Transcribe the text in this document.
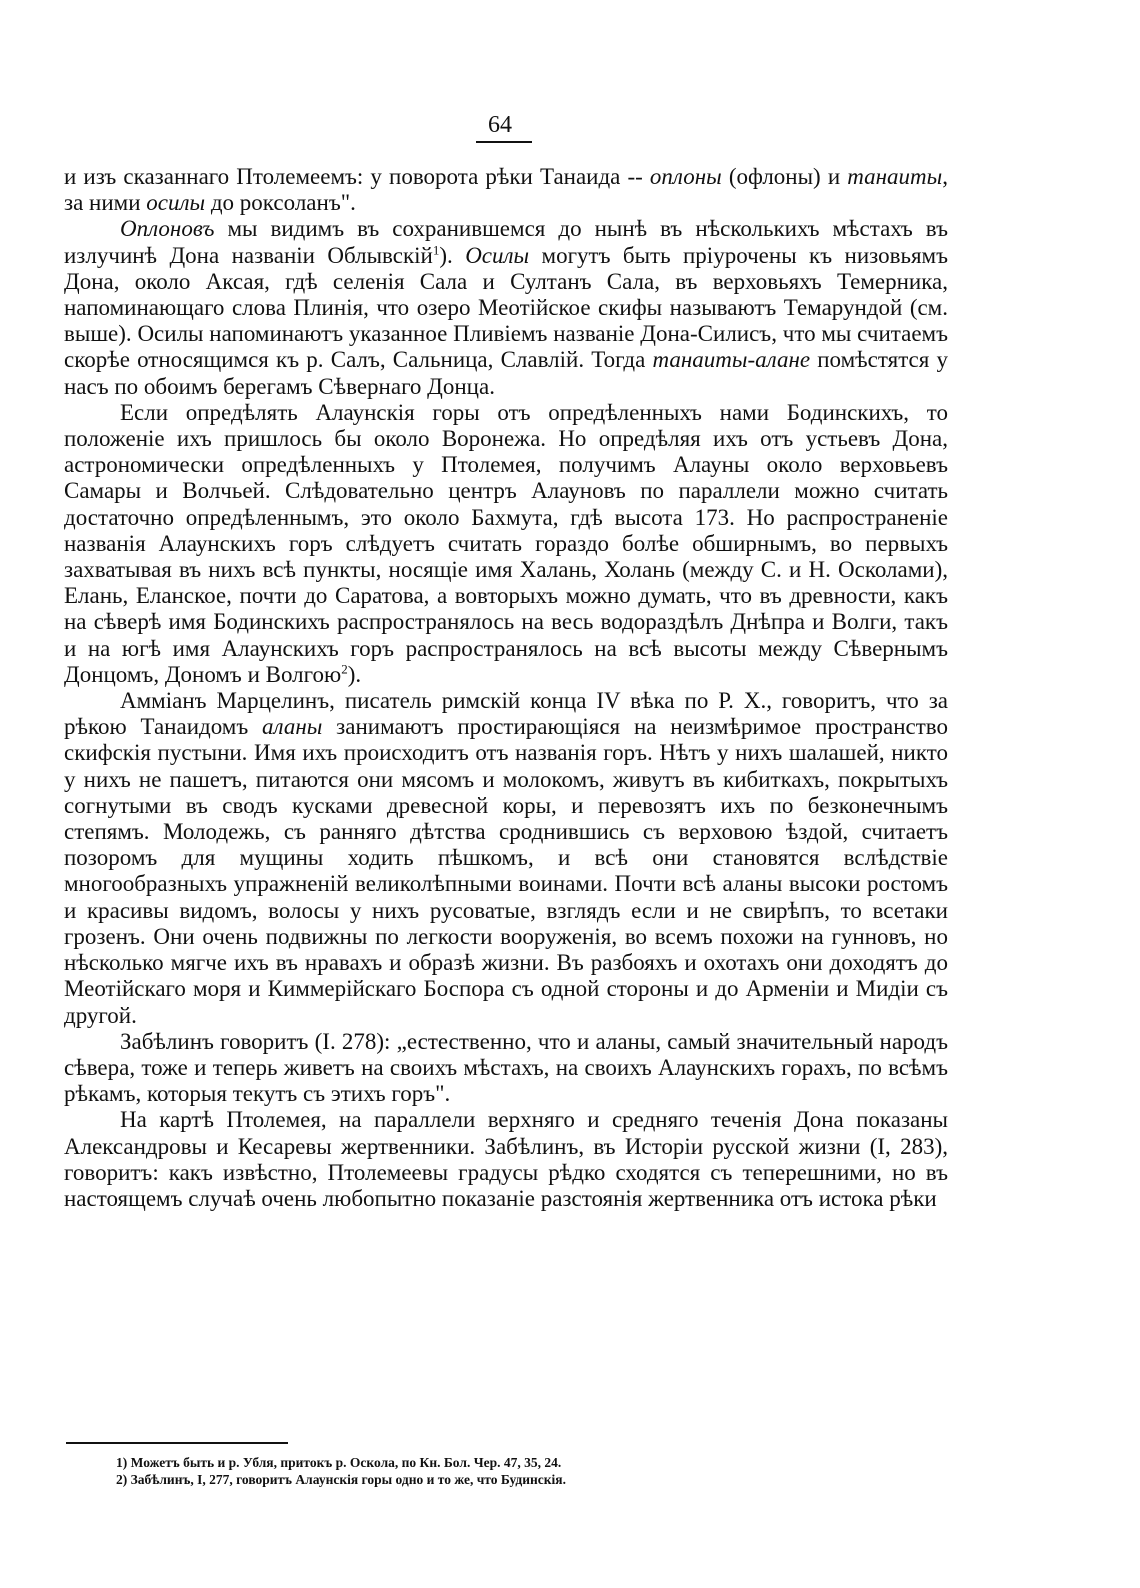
64

и изъ сказаннаго Птолемеемъ: у поворота рѣки Танаида -- оплоны (офлоны) и танаиты, за ними осилы до роксоланъ".

Оплоновъ мы видимъ въ сохранившемся до нынѣ въ нѣсколькихъ мѣстахъ въ излучинѣ Дона названіи Облывскій$^1$). Осилы могутъ быть пріурочены къ низовьямъ Дона, около Аксая, гдѣ селенія Сала и Султанъ Сала, въ верховьяхъ Темерника, напоминающаго слова Плинія, что озеро Меотійское скифы называютъ Темарундой (см. выше). Осилы напоминаютъ указанное Пливіемъ названіе Дона-Силисъ, что мы считаемъ скорѣе относящимся къ р. Салъ, Сальница, Славлій. Тогда танаиты-алане помѣстятся у насъ по обоимъ берегамъ Сѣвернаго Донца.

Если опредѣлять Алаунскія горы отъ опредѣленныхъ нами Бодинскихъ, то положеніе ихъ пришлось бы около Воронежа. Но опредѣляя ихъ отъ устьевъ Дона, астрономически опредѣленныхъ у Птолемея, получимъ Алауны около верховьевъ Самары и Волчьей. Слѣдовательно центръ Алауновъ по параллели можно считать достаточно опредѣленнымъ, это около Бахмута, гдѣ высота 173. Но распространеніе названія Алаунскихъ горъ слѣдуетъ считать гораздо болѣе обширнымъ, во первыхъ захватывая въ нихъ всѣ пункты, носящіе имя Халань, Холань (между С. и Н. Осколами), Елань, Еланское, почти до Саратова, а вовторыхъ можно думать, что въ древности, какъ на сѣверѣ имя Бодинскихъ распространялось на весь водораздѣлъ Днѣпра и Волги, такъ и на югѣ имя Алаунскихъ горъ распространялось на всѣ высоты между Сѣвернымъ Донцомъ, Дономъ и Волгою$^2$).

Амміанъ Марцелинъ, писатель римскій конца IV вѣка по Р. Х., говоритъ, что за рѣкою Танаидомъ аланы занимаютъ простирающіяся на неизмѣримое пространство скифскія пустыни. Имя ихъ происходитъ отъ названія горъ. Нѣтъ у нихъ шалашей, никто у нихъ не пашетъ, питаются они мясомъ и молокомъ, живутъ въ кибиткахъ, покрытыхъ согнутыми въ сводъ кусками древесной коры, и перевозятъ ихъ по безконечнымъ степямъ. Молодежь, съ ранняго дѣтства сроднившись съ верховою ѣздой, считаетъ позоромъ для мущины ходить пѣшкомъ, и всѣ они становятся вслѣдствіе многообразныхъ упражненій великолѣпными воинами. Почти всѣ аланы высоки ростомъ и красивы видомъ, волосы у нихъ русоватые, взглядъ если и не свирѣпъ, то всетаки грозенъ. Они очень подвижны по легкости вооруженія, во всемъ похожи на гунновъ, но нѣсколько мягче ихъ въ нравахъ и образѣ жизни. Въ разбояхъ и охотахъ они доходятъ до Меотійскаго моря и Киммерійскаго Боспора съ одной стороны и до Арменіи и Мидіи съ другой.

Забѣлинъ говоритъ (I. 278): „естественно, что и аланы, самый значительный народъ сѣвера, тоже и теперь живетъ на своихъ мѣстахъ, на своихъ Алаунскихъ горахъ, по всѣмъ рѣкамъ, которыя текутъ съ этихъ горъ".

На картѣ Птолемея, на параллели верхняго и средняго теченія Дона показаны Александровы и Кесаревы жертвенники. Забѣлинъ, въ Исторіи русской жизни (I, 283), говоритъ: какъ извѣстно, Птолемеевы градусы рѣдко сходятся съ теперешними, но въ настоящемъ случаѣ очень любопытно показаніе разстоянія жертвенника отъ истока рѣки

1) Можетъ быть и р. Убля, притокъ р. Оскола, по Кн. Бол. Чер. 47, 35, 24.

2) Забѣлинъ, I, 277, говоритъ Алаунскія горы одно и то же, что Будинскія.
